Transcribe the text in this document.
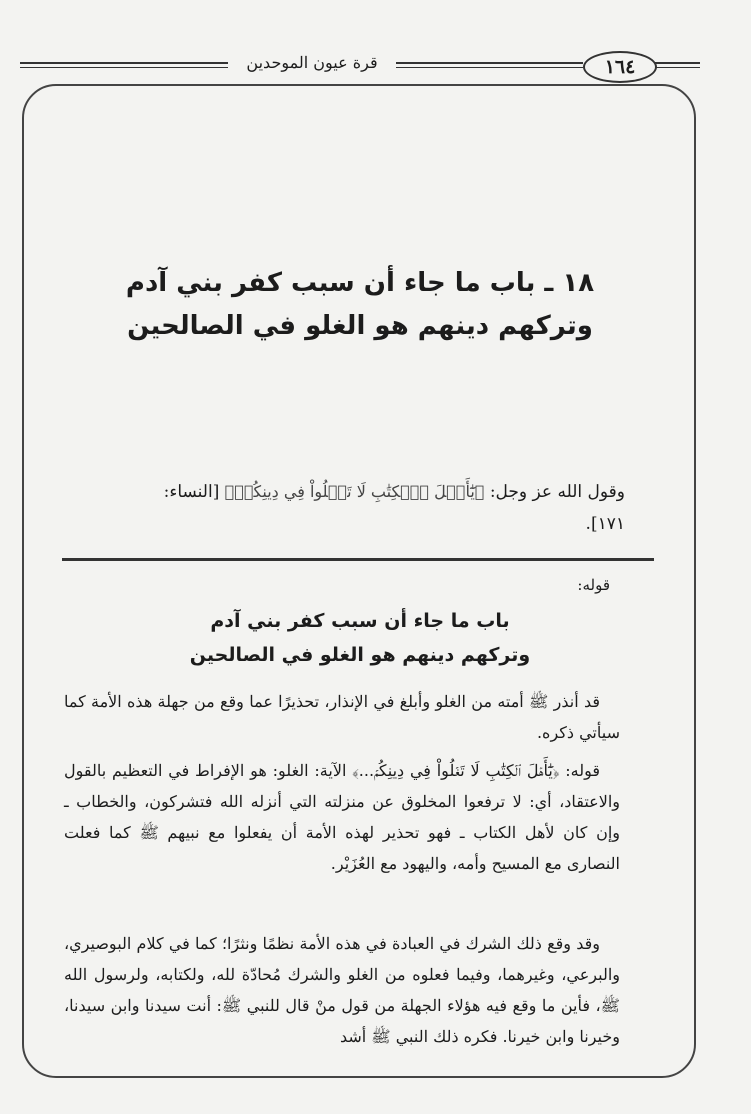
قرة عيون الموحدين	١٦٤
١٨ ـ باب ما جاء أن سبب كفر بني آدم
وتركهم دينهم هو الغلو في الصالحين
وقول الله عز وجل: ﴿يَٰٓأَهۡلَ ٱلۡكِتَٰبِ لَا تَغۡلُواْ فِي دِينِكُمۡ﴾ [النساء:
١٧١].
قوله:
باب ما جاء أن سبب كفر بني آدم
وتركهم دينهم هو الغلو في الصالحين

قد أنذر ﷺ أمته من الغلو وأبلغ في الإنذار، تحذيرًا عما وقع من جهلة هذه الأمة كما سيأتي ذكره.

قوله: ﴿يَٰٓأَهۡلَ ٱلۡكِتَٰبِ لَا تَغۡلُواْ فِي دِينِكُمۡ...﴾ الآية: الغلو: هو الإفراط في التعظيم بالقول والاعتقاد، أي: لا ترفعوا المخلوق عن منزلته التي أنزله الله فتشركون، والخطاب ـ وإن كان لأهل الكتاب ـ فهو تحذير لهذه الأمة أن يفعلوا مع نبيهم ﷺ كما فعلت النصارى مع المسيح وأمه، واليهود مع العُزَيْر.

وقد وقع ذلك الشرك في العبادة في هذه الأمة نظمًا ونثرًا؛ كما في كلام البوصيري، والبرعي، وغيرهما، وفيما فعلوه من الغلو والشرك مُحادّة لله، ولكتابه، ولرسول الله ﷺ، فأين ما وقع فيه هؤلاء الجهلة من قول منْ قال للنبي ﷺ: أنت سيدنا وابن سيدنا، وخيرنا وابن خيرنا. فكره ذلك النبي ﷺ أشد
